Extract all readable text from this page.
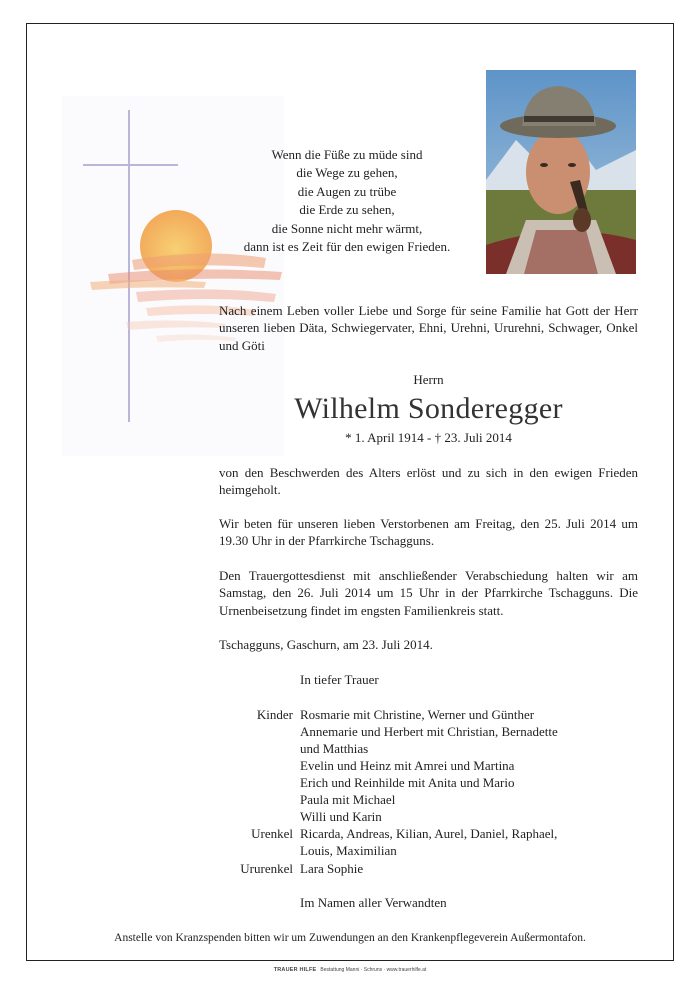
Wenn die Füße zu müde sind
die Wege zu gehen,
die Augen zu trübe
die Erde zu sehen,
die Sonne nicht mehr wärmt,
dann ist es Zeit für den ewigen Frieden.
Nach einem Leben voller Liebe und Sorge für seine Familie hat Gott der Herr unseren lieben Däta, Schwiegervater, Ehni, Urehni, Ururehni, Schwager, Onkel und Göti
Herrn
Wilhelm Sonderegger
* 1. April 1914 - † 23. Juli 2014
von den Beschwerden des Alters erlöst und zu sich in den ewigen Frieden heimgeholt.
Wir beten für unseren lieben Verstorbenen am Freitag, den 25. Juli 2014 um 19.30 Uhr in der Pfarrkirche Tschagguns.
Den Trauergottesdienst mit anschließender Verabschiedung halten wir am Samstag, den 26. Juli 2014 um 15 Uhr in der Pfarrkirche Tschagguns. Die Urnenbeisetzung findet im engsten Familienkreis statt.
Tschagguns, Gaschurn, am 23. Juli 2014.
In tiefer Trauer
Kinder Rosmarie mit Christine, Werner und Günther
Annemarie und Herbert mit Christian, Bernadette
und Matthias
Evelin und Heinz mit Amrei und Martina
Erich und Reinhilde mit Anita und Mario
Paula mit Michael
Willi und Karin
Urenkel Ricarda, Andreas, Kilian, Aurel, Daniel, Raphael,
Louis, Maximilian
Ururenkel Lara Sophie
Im Namen aller Verwandten
Anstelle von Kranzspenden bitten wir um Zuwendungen an den Krankenpflegeverein Außermontafon.
TRAUER HILFE Bestattung Manni · Schruns · www.trauerhilfe.at
